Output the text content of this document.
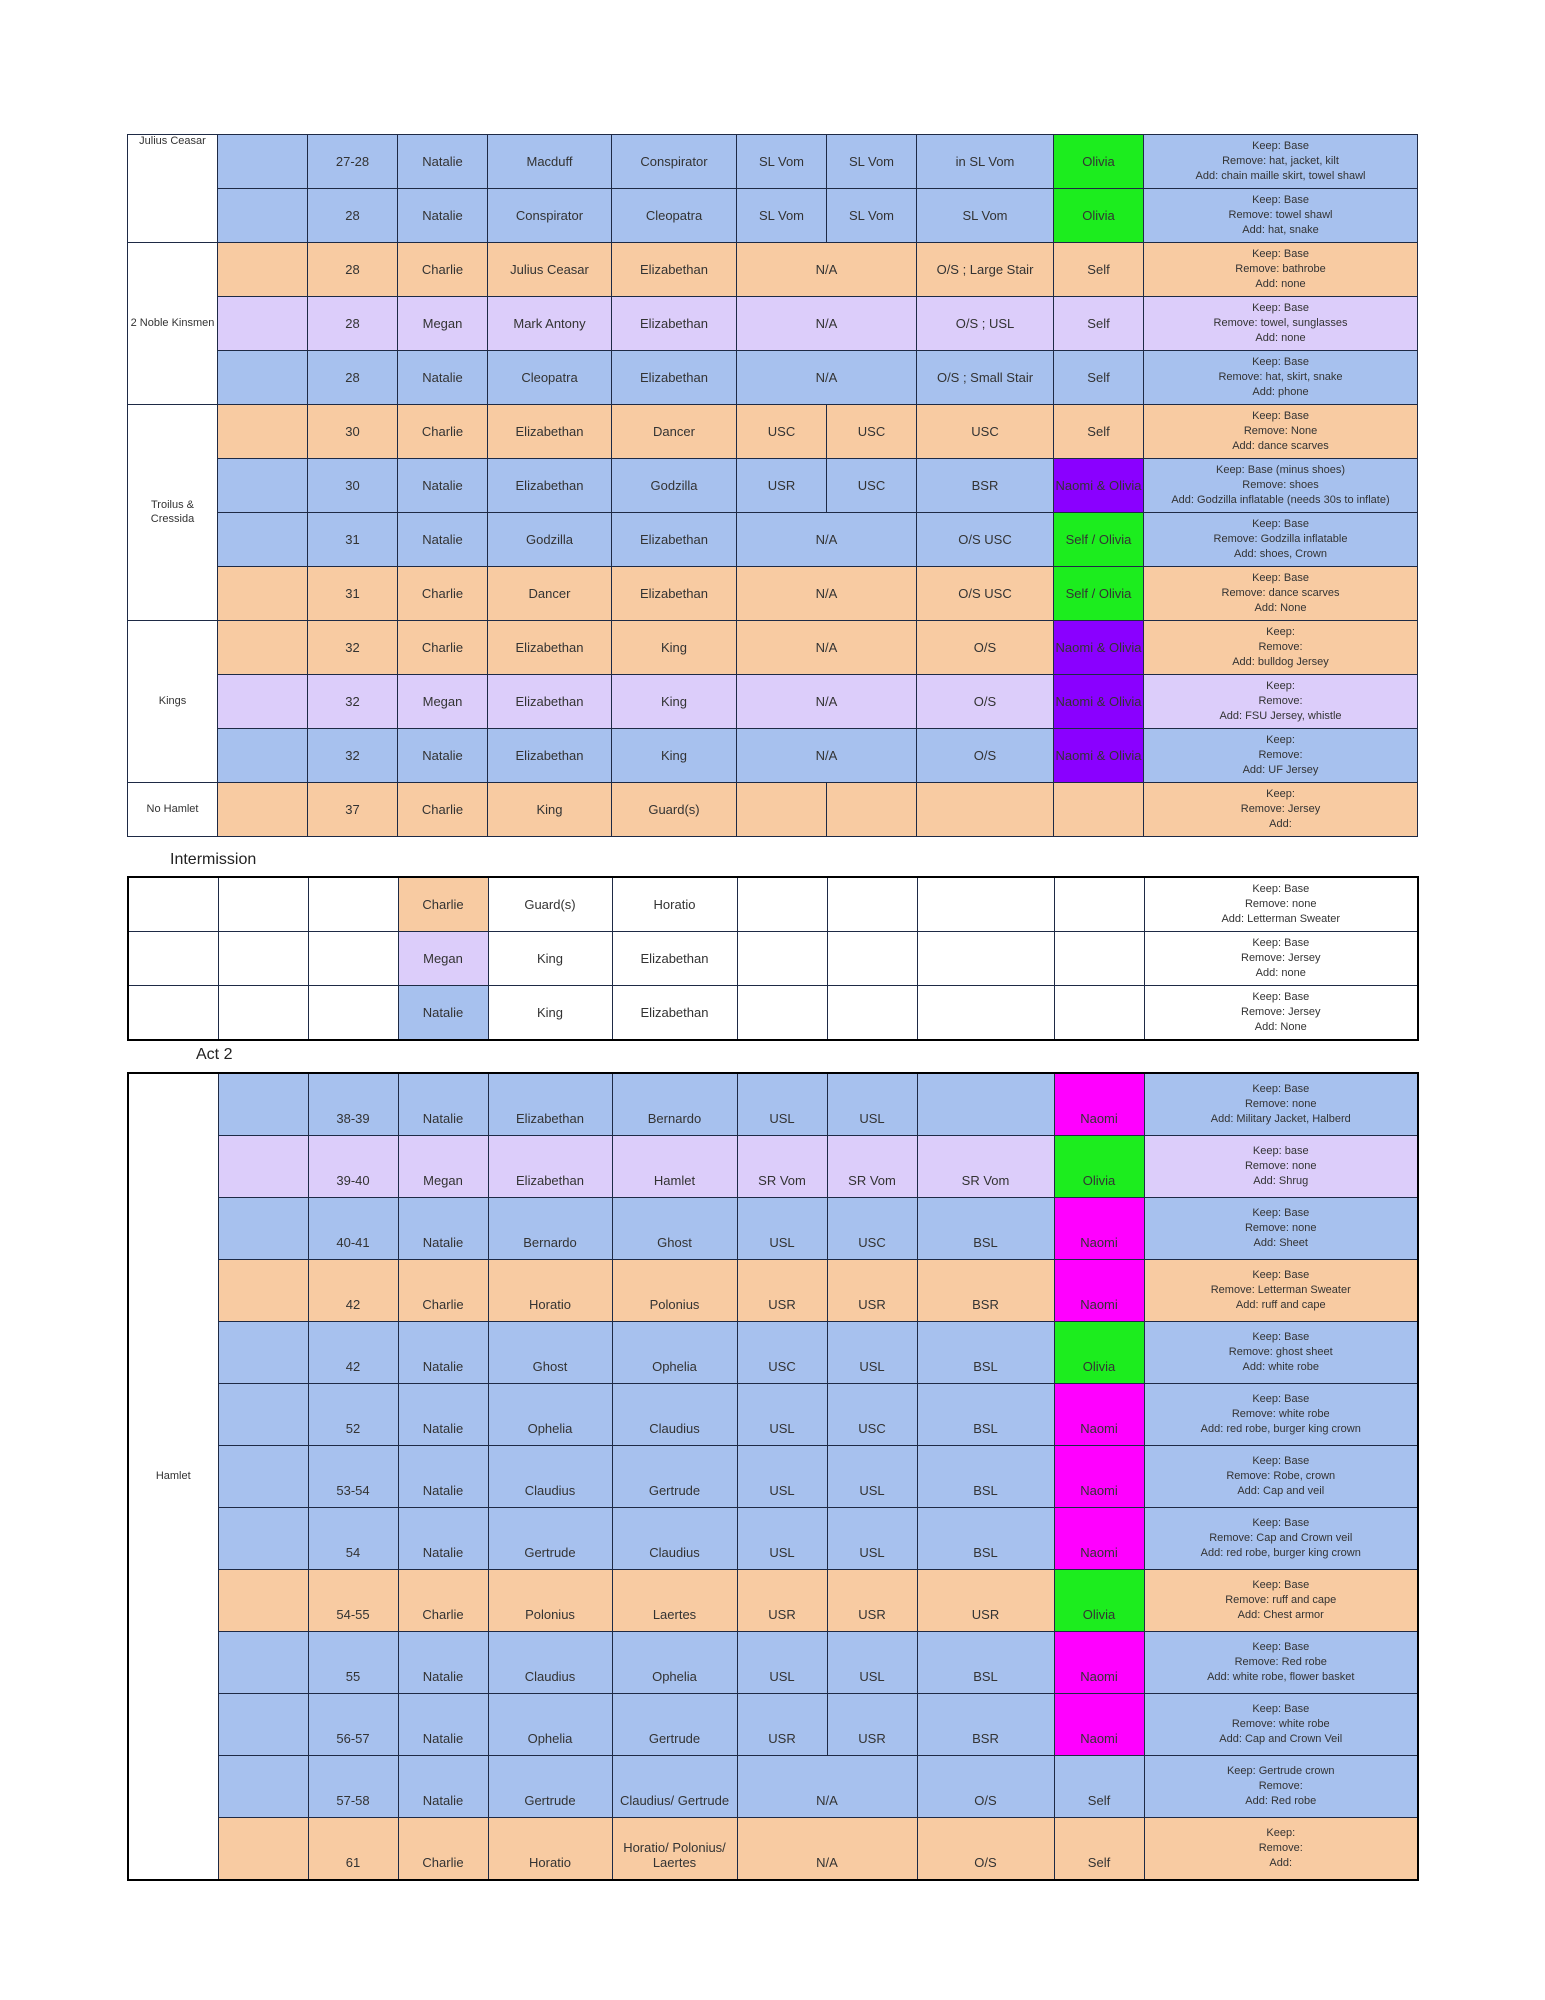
Julius Ceasar		27-28	Natalie	Macduff	Conspirator	SL Vom	SL Vom	in SL Vom	Olivia	Keep: Base
Remove: hat, jacket, kilt
Add: chain maille skirt, towel shawl

		28	Natalie	Conspirator	Cleopatra	SL Vom	SL Vom	SL Vom	Olivia	Keep: Base
Remove: towel shawl
Add: hat, snake

2 Noble Kinsmen		28	Charlie	Julius Ceasar	Elizabethan	N/A		O/S ; Large Stair	Self	Keep: Base
Remove: bathrobe
Add: none

		28	Megan	Mark Antony	Elizabethan	N/A		O/S ; USL	Self	Keep: Base
Remove: towel, sunglasses
Add: none

		28	Natalie	Cleopatra	Elizabethan	N/A		O/S ; Small Stair	Self	Keep: Base
Remove: hat, skirt, snake
Add: phone

Troilus & Cressida		30	Charlie	Elizabethan	Dancer	USC	USC	USC	Self	Keep: Base
Remove: None
Add: dance scarves

		30	Natalie	Elizabethan	Godzilla	USR	USC	BSR	Naomi & Olivia	Keep: Base (minus shoes)
Remove: shoes
Add: Godzilla inflatable (needs 30s to inflate)

		31	Natalie	Godzilla	Elizabethan	N/A		O/S USC	Self / Olivia	Keep: Base
Remove: Godzilla inflatable
Add: shoes, Crown

		31	Charlie	Dancer	Elizabethan	N/A		O/S USC	Self / Olivia	Keep: Base
Remove: dance scarves
Add: None

Kings		32	Charlie	Elizabethan	King	N/A		O/S	Naomi & Olivia	Keep:
Remove:
Add: bulldog Jersey

		32	Megan	Elizabethan	King	N/A		O/S	Naomi & Olivia	Keep:
Remove:
Add: FSU Jersey, whistle

		32	Natalie	Elizabethan	King	N/A		O/S	Naomi & Olivia	Keep:
Remove:
Add: UF Jersey

No Hamlet		37	Charlie	King	Guard(s)					Keep:
Remove: Jersey
Add:
Intermission
			Charlie	Guard(s)	Horatio					Keep: Base
Remove: none
Add: Letterman Sweater

			Megan	King	Elizabethan					Keep: Base
Remove: Jersey
Add: none

			Natalie	King	Elizabethan					Keep: Base
Remove: Jersey
Add: None
Act 2
Hamlet		38-39	Natalie	Elizabethan	Bernardo	USL	USL		Naomi	Keep: Base
Remove: none
Add: Military Jacket, Halberd

		39-40	Megan	Elizabethan	Hamlet	SR Vom	SR Vom	SR Vom	Olivia	Keep: base
Remove: none
Add: Shrug

		40-41	Natalie	Bernardo	Ghost	USL	USC	BSL	Naomi	Keep: Base
Remove: none
Add: Sheet

		42	Charlie	Horatio	Polonius	USR	USR	BSR	Naomi	Keep: Base
Remove: Letterman Sweater
Add: ruff and cape

		42	Natalie	Ghost	Ophelia	USC	USL	BSL	Olivia	Keep: Base
Remove: ghost sheet
Add: white robe

		52	Natalie	Ophelia	Claudius	USL	USC	BSL	Naomi	Keep: Base
Remove: white robe
Add: red robe, burger king crown

		53-54	Natalie	Claudius	Gertrude	USL	USL	BSL	Naomi	Keep: Base
Remove: Robe, crown
Add: Cap and veil

		54	Natalie	Gertrude	Claudius	USL	USL	BSL	Naomi	Keep: Base
Remove: Cap and Crown veil
Add: red robe, burger king crown

		54-55	Charlie	Polonius	Laertes	USR	USR	USR	Olivia	Keep: Base
Remove: ruff and cape
Add: Chest armor

		55	Natalie	Claudius	Ophelia	USL	USL	BSL	Naomi	Keep: Base
Remove: Red robe
Add: white robe, flower basket

		56-57	Natalie	Ophelia	Gertrude	USR	USR	BSR	Naomi	Keep: Base
Remove: white robe
Add: Cap and Crown Veil

		57-58	Natalie	Gertrude	Claudius/ Gertrude	N/A		O/S	Self	Keep: Gertrude crown
Remove:
Add: Red robe

		61	Charlie	Horatio	Horatio/ Polonius/ Laertes	N/A		O/S	Self	Keep:
Remove:
Add:
